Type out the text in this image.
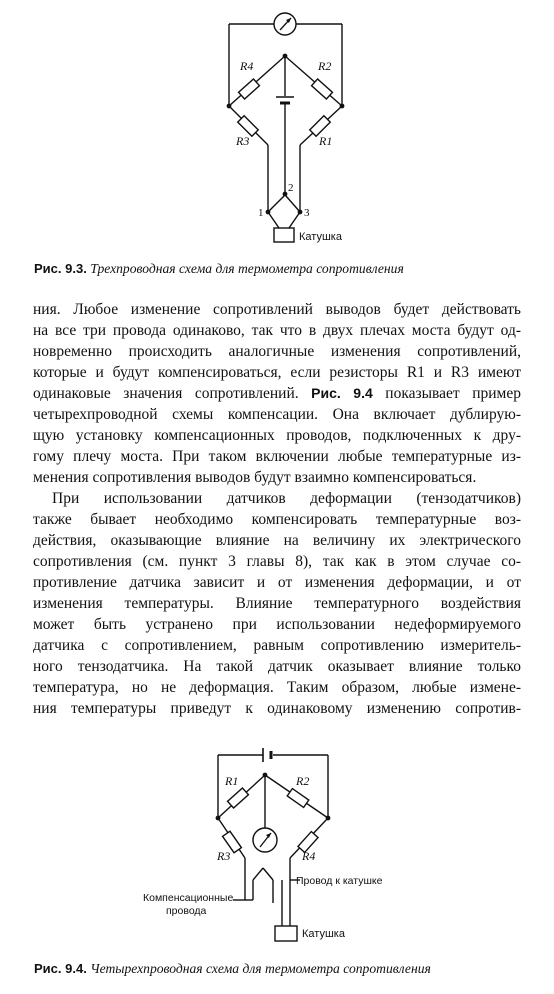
R4	R2
R3	R1
1
2
3
Катушка
Рис. 9.3. Трехпроводная схема для термометра сопротивления

ния. Любое изменение сопротивлений выводов будет действовать

на все три провода одинаково, так что в двух плечах моста будут од-

новременно происходить аналогичные изменения сопротивлений,

которые и будут компенсироваться, если резисторы R1 и R3 имеют

одинаковые значения сопротивлений. Рис. 9.4 показывает пример

четырехпроводной схемы компенсации. Она включает дублирую-

щую установку компенсационных проводов, подключенных к дру-

гому плечу моста. При таком включении любые температурные из-

менения сопротивления выводов будут взаимно компенсироваться.

При использовании датчиков деформации (тензодатчиков)

также бывает необходимо компенсировать температурные воз-

действия, оказывающие влияние на величину их электрического

сопротивления (см. пункт 3 главы 8), так как в этом случае со-

противление датчика зависит и от изменения деформации, и от

изменения температуры. Влияние температурного воздействия

может быть устранено при использовании недеформируемого

датчика с сопротивлением, равным сопротивлению измеритель-

ного тензодатчика. На такой датчик оказывает влияние только

температура, но не деформация. Таким образом, любые измене-

ния температуры приведут к одинаковому изменению сопротив-

R1	R2
R3	R4
Компенсационные
провода
Провод к катушке
Катушка
Рис. 9.4. Четырехпроводная схема для термометра сопротивления
